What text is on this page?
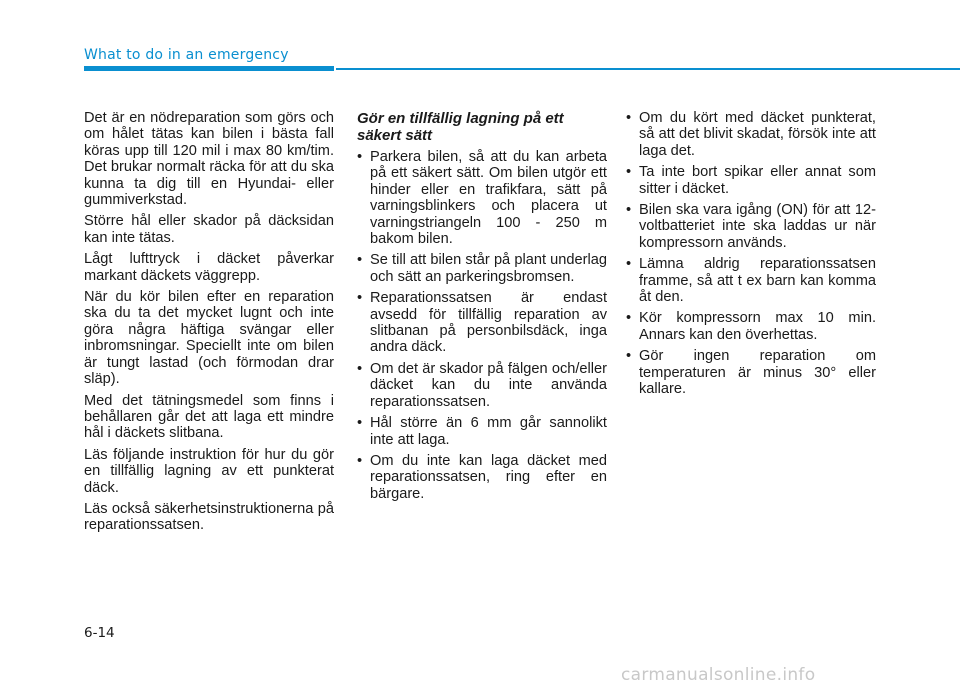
What to do in an emergency

Det är en nödreparation som görs och om hålet tätas kan bilen i bästa fall köras upp till 120 mil i max 80 km/tim. Det brukar normalt räcka för att du ska kunna ta dig till en Hyundai- eller gummiverkstad.

Större hål eller skador på däcksidan kan inte tätas.

Lågt lufttryck i däcket påverkar markant däckets väggrepp.

När du kör bilen efter en reparation ska du ta det mycket lugnt och inte göra några häftiga svängar eller inbromsningar. Speciellt inte om bilen är tungt lastad (och förmodan drar släp).

Med det tätningsmedel som finns i behållaren går det att laga ett mindre hål i däckets slitbana.

Läs följande instruktion för hur du gör en tillfällig lagning av ett punkterat däck.

Läs också säkerhetsinstruktionerna på reparationssatsen.

Gör en tillfällig lagning på ett säkert sätt
• Parkera bilen, så att du kan arbeta på ett säkert sätt. Om bilen utgör ett hinder eller en trafikfara, sätt på varningsblinkers och placera ut varningstriangeln 100 - 250 m bakom bilen.
• Se till att bilen står på plant underlag och sätt an parkeringsbromsen.
• Reparationssatsen är endast avsedd för tillfällig reparation av slitbanan på personbilsdäck, inga andra däck.
• Om det är skador på fälgen och/eller däcket kan du inte använda reparationssatsen.
• Hål större än 6 mm går sannolikt inte att laga.
• Om du inte kan laga däcket med reparationssatsen, ring efter en bärgare.
• Om du kört med däcket punkterat, så att det blivit skadat, försök inte att laga det.
• Ta inte bort spikar eller annat som sitter i däcket.
• Bilen ska vara igång (ON) för att 12-voltbatteriet inte ska laddas ur när kompressorn används.
• Lämna aldrig reparationssatsen framme, så att t ex barn kan komma åt den.
• Kör kompressorn max 10 min. Annars kan den överhettas.
• Gör ingen reparation om temperaturen är minus 30° eller kallare.
6-14
carmanualsonline.info
